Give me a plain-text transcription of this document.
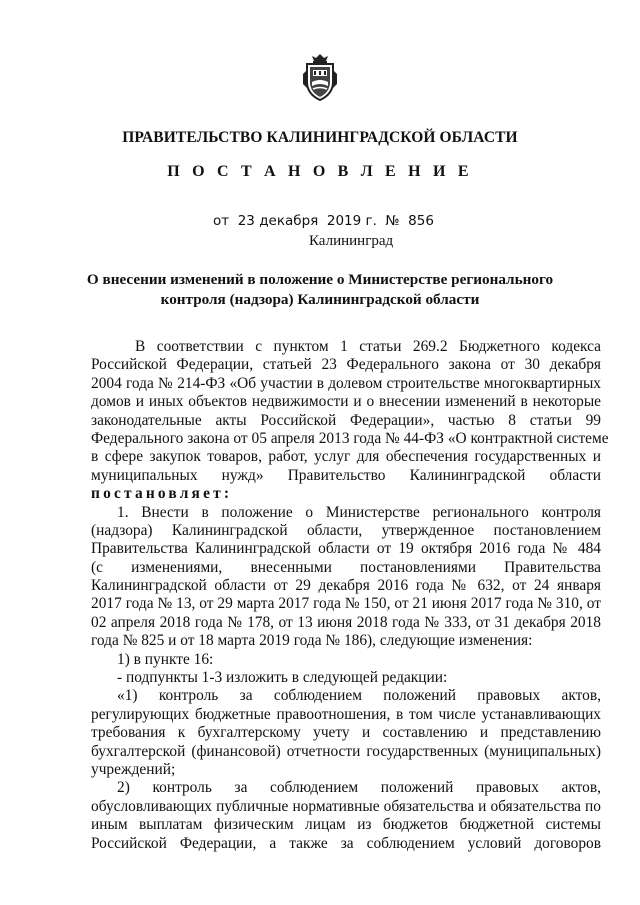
ПРАВИТЕЛЬСТВО КАЛИНИНГРАДСКОЙ ОБЛАСТИ
П О С Т А Н О В Л Е Н И Е
от 23 декабря 2019 г. № 856
Калининград
О внесении изменений в положение о Министерстве регионального
контроля (надзора) Калининградской области
В соответствии с пунктом 1 статьи 269.2 Бюджетного кодекса
Российской Федерации, статьей 23 Федерального закона от 30 декабря
2004 года № 214-ФЗ «Об участии в долевом строительстве многоквартирных
домов и иных объектов недвижимости и о внесении изменений в некоторые
законодательные акты Российской Федерации», частью 8 статьи 99
Федерального закона от 05 апреля 2013 года № 44-ФЗ «О контрактной системе
в сфере закупок товаров, работ, услуг для обеспечения государственных и
муниципальных нужд» Правительство Калининградской области
постановляет:
1. Внести в положение о Министерстве регионального контроля
(надзора) Калининградской области, утвержденное постановлением
Правительства Калининградской области от 19 октября 2016 года № 484
(с изменениями, внесенными постановлениями Правительства
Калининградской области от 29 декабря 2016 года № 632, от 24 января
2017 года № 13, от 29 марта 2017 года № 150, от 21 июня 2017 года № 310, от
02 апреля 2018 года № 178, от 13 июня 2018 года № 333, от 31 декабря 2018
года № 825 и от 18 марта 2019 года № 186), следующие изменения:
1) в пункте 16:
- подпункты 1-3 изложить в следующей редакции:
«1) контроль за соблюдением положений правовых актов,
регулирующих бюджетные правоотношения, в том числе устанавливающих
требования к бухгалтерскому учету и составлению и представлению
бухгалтерской (финансовой) отчетности государственных (муниципальных)
учреждений;
2) контроль за соблюдением положений правовых актов,
обусловливающих публичные нормативные обязательства и обязательства по
иным выплатам физическим лицам из бюджетов бюджетной системы
Российской Федерации, а также за соблюдением условий договоров
